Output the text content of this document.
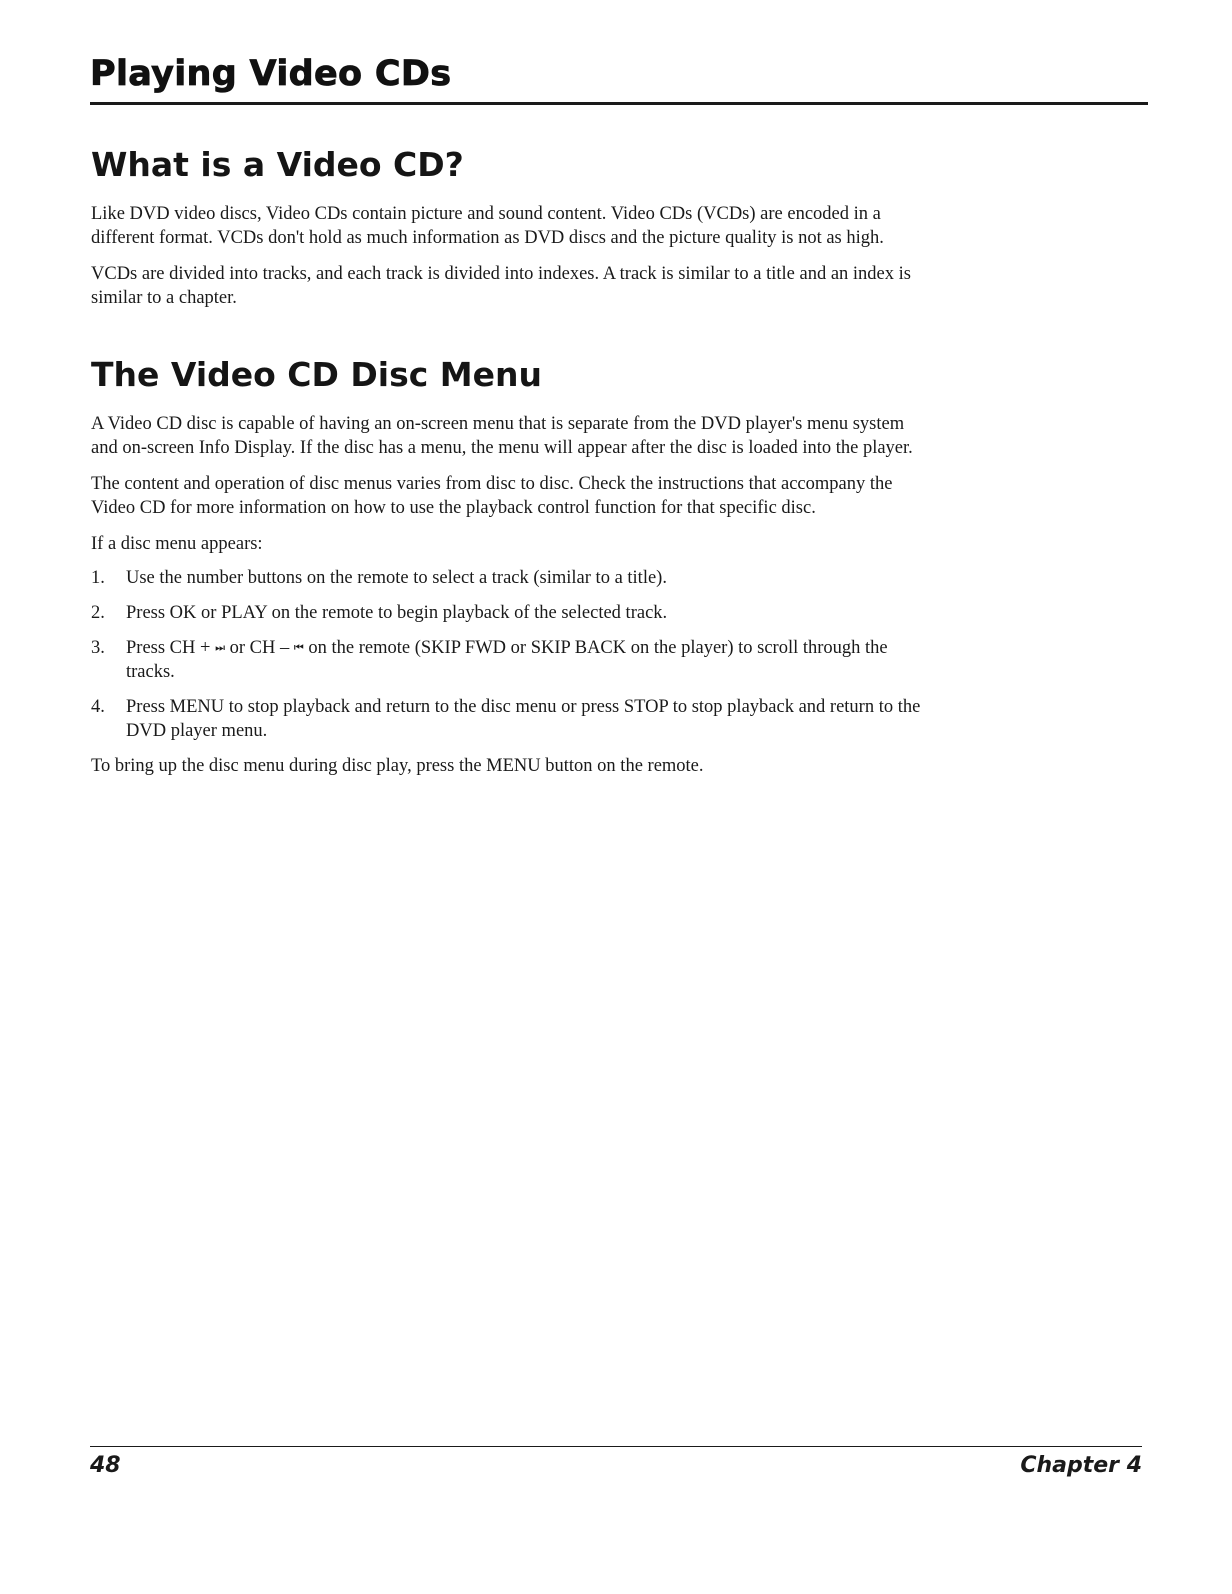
Playing Video CDs
What is a Video CD?

Like DVD video discs, Video CDs contain picture and sound content. Video CDs (VCDs) are encoded in a different format. VCDs don't hold as much information as DVD discs and the picture quality is not as high.

VCDs are divided into tracks, and each track is divided into indexes. A track is similar to a title and an index is similar to a chapter.

The Video CD Disc Menu

A Video CD disc is capable of having an on-screen menu that is separate from the DVD player's menu system and on-screen Info Display. If the disc has a menu, the menu will appear after the disc is loaded into the player.

The content and operation of disc menus varies from disc to disc. Check the instructions that accompany the Video CD for more information on how to use the playback control function for that specific disc.

If a disc menu appears:

1.	Use the number buttons on the remote to select a track (similar to a title).
2.	Press OK or PLAY on the remote to begin playback of the selected track.
3.	Press CH + ⏭ or CH – ⏮ on the remote (SKIP FWD or SKIP BACK on the player) to scroll through the tracks.
4.	Press MENU to stop playback and return to the disc menu or press STOP to stop playback and return to the DVD player menu.

To bring up the disc menu during disc play, press the MENU button on the remote.

48	Chapter 4
